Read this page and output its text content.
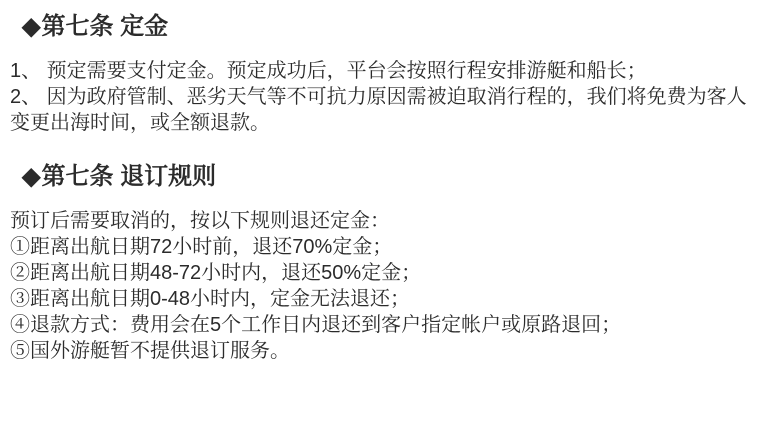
◆第七条 定金

1、 预定需要支付定金。预定成功后，平台会按照行程安排游艇和船长；

2、 因为政府管制、恶劣天气等不可抗力原因需被迫取消行程的，我们将免费为客人变更出海时间，或全额退款。

◆第七条 退订规则

预订后需要取消的，按以下规则退还定金：

①距离出航日期72小时前，退还70%定金；

②距离出航日期48-72小时内，退还50%定金；

③距离出航日期0-48小时内，定金无法退还；

④退款方式：费用会在5个工作日内退还到客户指定帐户或原路退回；

⑤国外游艇暂不提供退订服务。
